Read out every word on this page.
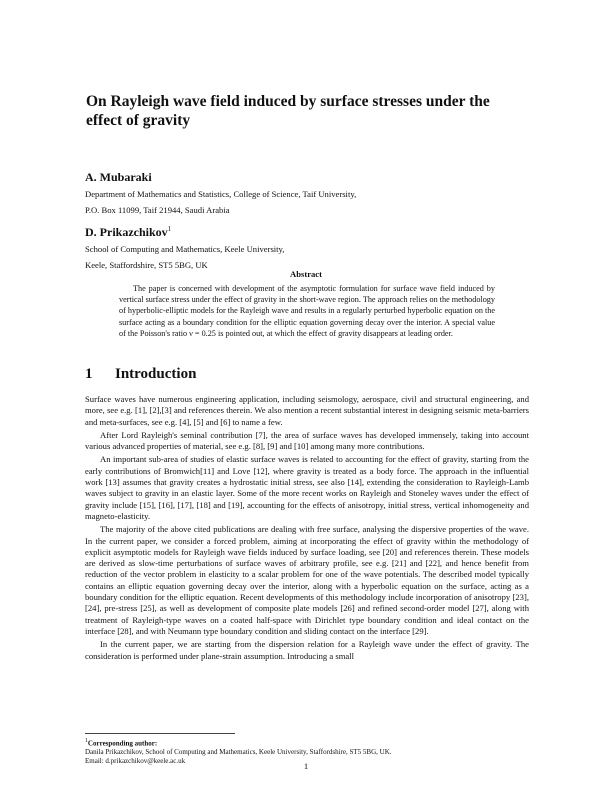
On Rayleigh wave field induced by surface stresses under the effect of gravity

A. Mubaraki

Department of Mathematics and Statistics, College of Science, Taif University,

P.O. Box 11099, Taif 21944, Saudi Arabia

D. Prikazchikov$^1$

School of Computing and Mathematics, Keele University,

Keele, Staffordshire, ST5 5BG, UK

Abstract

The paper is concerned with development of the asymptotic formulation for surface wave field induced by vertical surface stress under the effect of gravity in the short-wave region. The approach relies on the methodology of hyperbolic-elliptic models for the Rayleigh wave and results in a regularly perturbed hyperbolic equation on the surface acting as a boundary condition for the elliptic equation governing decay over the interior. A special value of the Poisson's ratio ν = 0.25 is pointed out, at which the effect of gravity disappears at leading order.

1 Introduction

Surface waves have numerous engineering application, including seismology, aerospace, civil and structural engineering, and more, see e.g. [1], [2],[3] and references therein. We also mention a recent substantial interest in designing seismic meta-barriers and meta-surfaces, see e.g. [4], [5] and [6] to name a few.

After Lord Rayleigh's seminal contribution [7], the area of surface waves has developed immensely, taking into account various advanced properties of material, see e.g. [8], [9] and [10] among many more contributions.

An important sub-area of studies of elastic surface waves is related to accounting for the effect of gravity, starting from the early contributions of Bromwich[11] and Love [12], where gravity is treated as a body force. The approach in the influential work [13] assumes that gravity creates a hydrostatic initial stress, see also [14], extending the consideration to Rayleigh-Lamb waves subject to gravity in an elastic layer. Some of the more recent works on Rayleigh and Stoneley waves under the effect of gravity include [15], [16], [17], [18] and [19], accounting for the effects of anisotropy, initial stress, vertical inhomogeneity and magneto-elasticity.

The majority of the above cited publications are dealing with free surface, analysing the dispersive properties of the wave. In the current paper, we consider a forced problem, aiming at incorporating the effect of gravity within the methodology of explicit asymptotic models for Rayleigh wave fields induced by surface loading, see [20] and references therein. These models are derived as slow-time perturbations of surface waves of arbitrary profile, see e.g. [21] and [22], and hence benefit from reduction of the vector problem in elasticity to a scalar problem for one of the wave potentials. The described model typically contains an elliptic equation governing decay over the interior, along with a hyperbolic equation on the surface, acting as a boundary condition for the elliptic equation. Recent developments of this methodology include incorporation of anisotropy [23], [24], pre-stress [25], as well as development of composite plate models [26] and refined second-order model [27], along with treatment of Rayleigh-type waves on a coated half-space with Dirichlet type boundary condition and ideal contact on the interface [28], and with Neumann type boundary condition and sliding contact on the interface [29].

In the current paper, we are starting from the dispersion relation for a Rayleigh wave under the effect of gravity. The consideration is performed under plane-strain assumption. Introducing a small

$^1$Corresponding author:

Danila Prikazchikov, School of Computing and Mathematics, Keele University, Staffordshire, ST5 5BG, UK.

Email: d.prikazchikov@keele.ac.uk	1
